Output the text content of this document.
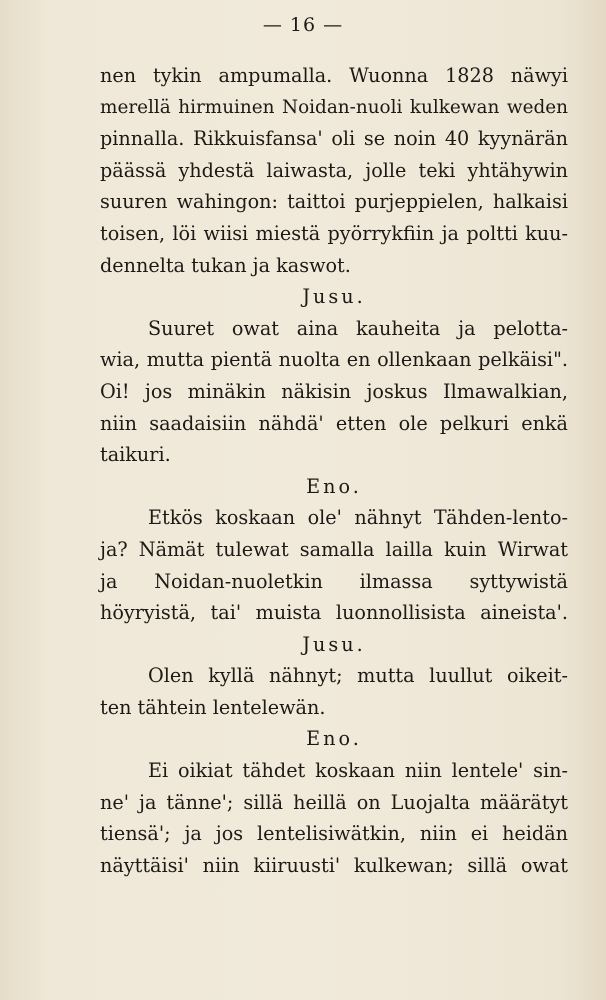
— 16 —
nen tykin ampumalla. Wuonna 1828 näwyi
merellä hirmuinen Noidan-nuoli kulkewan weden
pinnalla. Rikkuisfansa' oli se noin 40 kyynärän
päässä yhdestä laiwasta, jolle teki yhtähywin
suuren wahingon: taittoi purjeppielen, halkaisi
toisen, löi wiisi miestä pyörrykfiin ja poltti kuu-
dennelta tukan ja kaswot.
Jusu.
Suuret owat aina kauheita ja pelotta-
wia, mutta pientä nuolta en ollenkaan pelkäisi".
Oi! jos minäkin näkisin joskus Ilmawalkian,
niin saadaisiin nähdä' etten ole pelkuri enkä
taikuri.
Eno.
Etkös koskaan ole' nähnyt Tähden-lento-
ja? Nämät tulewat samalla lailla kuin Wirwat
ja Noidan-nuoletkin ilmassa syttywistä
höyryistä, tai' muista luonnollisista aineista'.
Jusu.
Olen kyllä nähnyt; mutta luullut oikeit-
ten tähtein lentelewän.
Eno.
Ei oikiat tähdet koskaan niin lentele' sin-
ne' ja tänne'; sillä heillä on Luojalta määrätyt
tiensä'; ja jos lentelisiwätkin, niin ei heidän
näyttäisi' niin kiiruusti' kulkewan; sillä owat
